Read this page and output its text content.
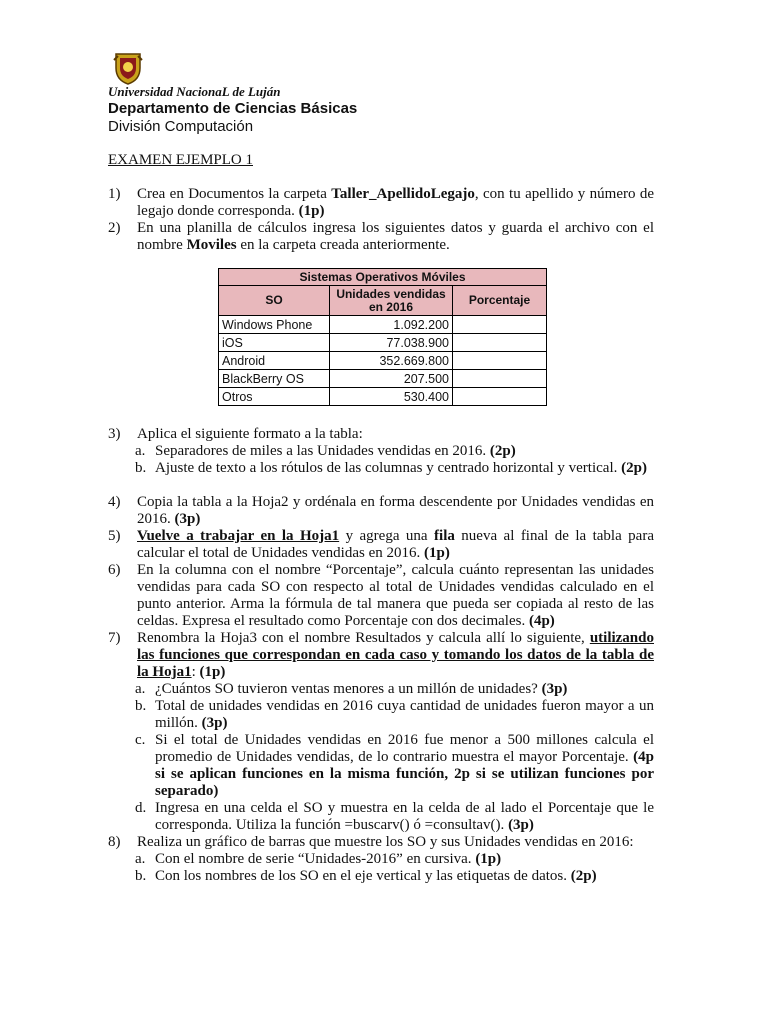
Universidad NacionaL de Luján
Departamento de Ciencias Básicas
División Computación
EXAMEN EJEMPLO 1
1) Crea en Documentos la carpeta Taller_ApellidoLegajo, con tu apellido y número de legajo donde corresponda. (1p)
2) En una planilla de cálculos ingresa los siguientes datos y guarda el archivo con el nombre Moviles en la carpeta creada anteriormente.
Sistemas Operativos Móviles		
SO	Unidades vendidas en 2016	Porcentaje
Windows Phone	1.092.200	
iOS	77.038.900	
Android	352.669.800	
BlackBerry OS	207.500	
Otros	530.400	
3) Aplica el siguiente formato a la tabla:
a. Separadores de miles a las Unidades vendidas en 2016. (2p)
b. Ajuste de texto a los rótulos de las columnas y centrado horizontal y vertical. (2p)
4) Copia la tabla a la Hoja2 y ordénala en forma descendente por Unidades vendidas en 2016. (3p)
5) Vuelve a trabajar en la Hoja1 y agrega una fila nueva al final de la tabla para calcular el total de Unidades vendidas en 2016. (1p)
6) En la columna con el nombre “Porcentaje”, calcula cuánto representan las unidades vendidas para cada SO con respecto al total de Unidades vendidas calculado en el punto anterior. Arma la fórmula de tal manera que pueda ser copiada al resto de las celdas. Expresa el resultado como Porcentaje con dos decimales. (4p)
7) Renombra la Hoja3 con el nombre Resultados y calcula allí lo siguiente, utilizando las funciones que correspondan en cada caso y tomando los datos de la tabla de la Hoja1: (1p)
a. ¿Cuántos SO tuvieron ventas menores a un millón de unidades? (3p)
b. Total de unidades vendidas en 2016 cuya cantidad de unidades fueron mayor a un millón. (3p)
c. Si el total de Unidades vendidas en 2016 fue menor a 500 millones calcula el promedio de Unidades vendidas, de lo contrario muestra el mayor Porcentaje. (4p si se aplican funciones en la misma función, 2p si se utilizan funciones por separado)
d. Ingresa en una celda el SO y muestra en la celda de al lado el Porcentaje que le corresponda. Utiliza la función =buscarv() ó =consultav(). (3p)
8) Realiza un gráfico de barras que muestre los SO y sus Unidades vendidas en 2016:
a. Con el nombre de serie “Unidades-2016” en cursiva. (1p)
b. Con los nombres de los SO en el eje vertical y las etiquetas de datos. (2p)
